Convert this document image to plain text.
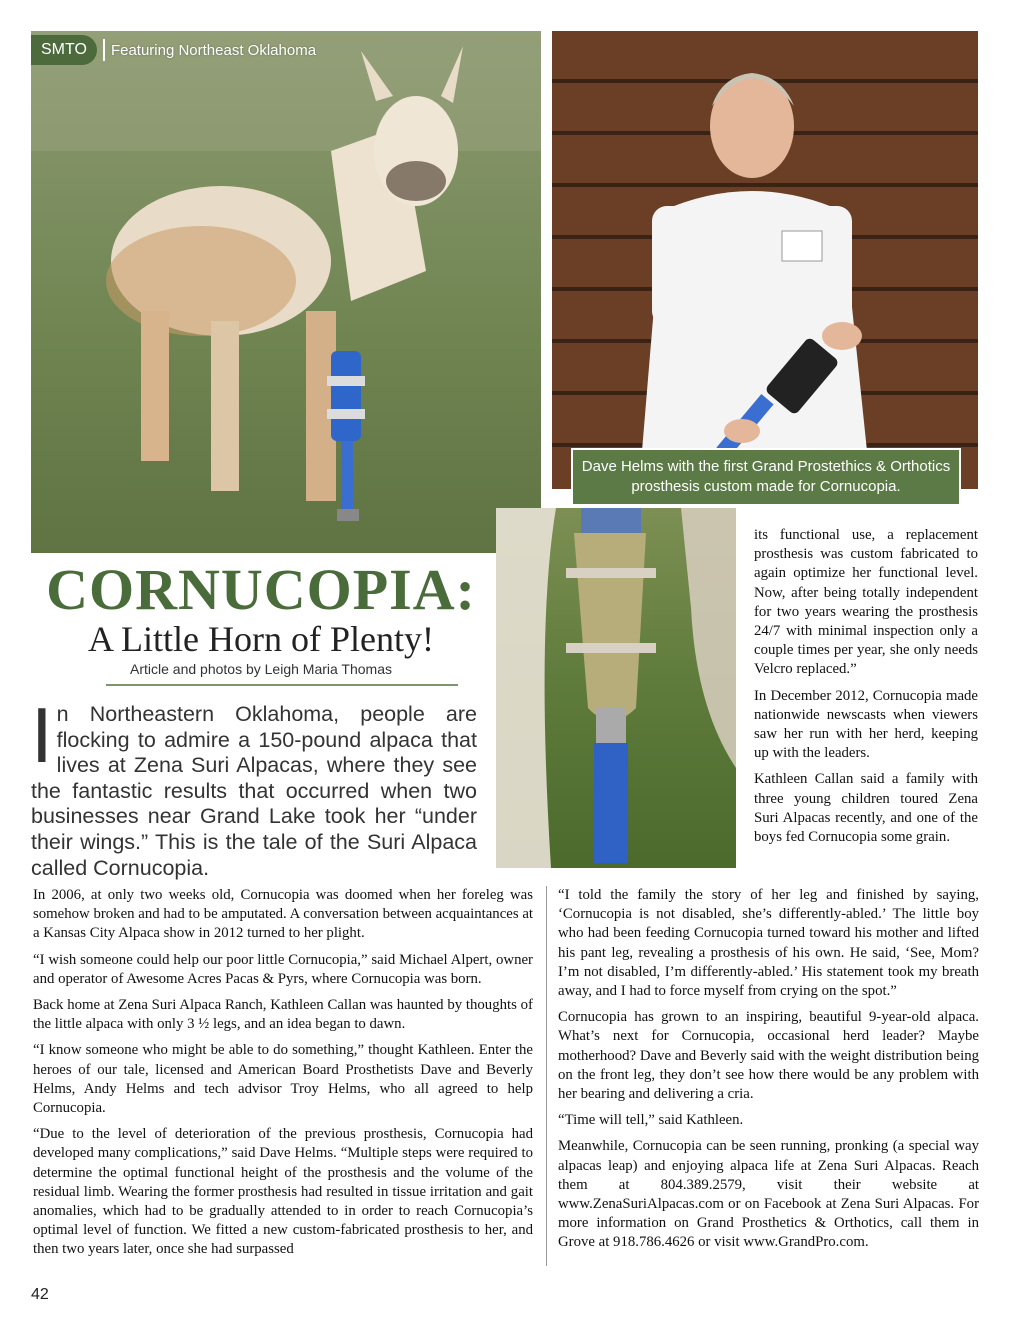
SMTO	Featuring Northeast Oklahoma
Dave Helms with the first Grand Prostethics & Orthotics prosthesis custom made for Cornucopia.
CORNUCOPIA:
A Little Horn of Plenty!
Article and photos by Leigh Maria Thomas
In Northeastern Oklahoma, people are flocking to admire a 150-pound alpaca that lives at Zena Suri Alpacas, where they see the fantastic results that occurred when two businesses near Grand Lake took her “under their wings.” This is the tale of the Suri Alpaca called Cornucopia.

its functional use, a replacement prosthesis was custom fabricated to again optimize her functional level. Now, after being totally independent for two years wearing the prosthesis 24/7 with minimal inspection only a couple times per year, she only needs Velcro replaced.”

In December 2012, Cornucopia made nationwide newscasts when viewers saw her run with her herd, keeping up with the leaders.

Kathleen Callan said a family with three young children toured Zena Suri Alpacas recently, and one of the boys fed Cornucopia some grain.

In 2006, at only two weeks old, Cornucopia was doomed when her foreleg was somehow broken and had to be amputated. A conversation between acquaintances at a Kansas City Alpaca show in 2012 turned to her plight.

“I wish someone could help our poor little Cornucopia,” said Michael Alpert, owner and operator of Awesome Acres Pacas & Pyrs, where Cornucopia was born.

Back home at Zena Suri Alpaca Ranch, Kathleen Callan was haunted by thoughts of the little alpaca with only 3 ½ legs, and an idea began to dawn.

“I know someone who might be able to do something,” thought Kathleen. Enter the heroes of our tale, licensed and American Board Prosthetists Dave and Beverly Helms, Andy Helms and tech advisor Troy Helms, who all agreed to help Cornucopia.

“Due to the level of deterioration of the previous prosthesis, Cornucopia had developed many complications,” said Dave Helms. “Multiple steps were required to determine the optimal functional height of the prosthesis and the volume of the residual limb. Wearing the former prosthesis had resulted in tissue irritation and gait anomalies, which had to be gradually attended to in order to reach Cornucopia’s optimal level of function. We fitted a new custom-fabricated prosthesis to her, and then two years later, once she had surpassed

“I told the family the story of her leg and finished by saying, ‘Cornucopia is not disabled, she’s differently-abled.’ The little boy who had been feeding Cornucopia turned toward his mother and lifted his pant leg, revealing a prosthesis of his own. He said, ‘See, Mom? I’m not disabled, I’m differently-abled.’ His statement took my breath away, and I had to force myself from crying on the spot.”

Cornucopia has grown to an inspiring, beautiful 9-year-old alpaca. What’s next for Cornucopia, occasional herd leader? Maybe motherhood? Dave and Beverly said with the weight distribution being on the front leg, they don’t see how there would be any problem with her bearing and delivering a cria.

“Time will tell,” said Kathleen.

Meanwhile, Cornucopia can be seen running, pronking (a special way alpacas leap) and enjoying alpaca life at Zena Suri Alpacas. Reach them at 804.389.2579, visit their website at www.ZenaSuriAlpacas.com or on Facebook at Zena Suri Alpacas. For more information on Grand Prosthetics & Orthotics, call them in Grove at 918.786.4626 or visit www.GrandPro.com.

42
